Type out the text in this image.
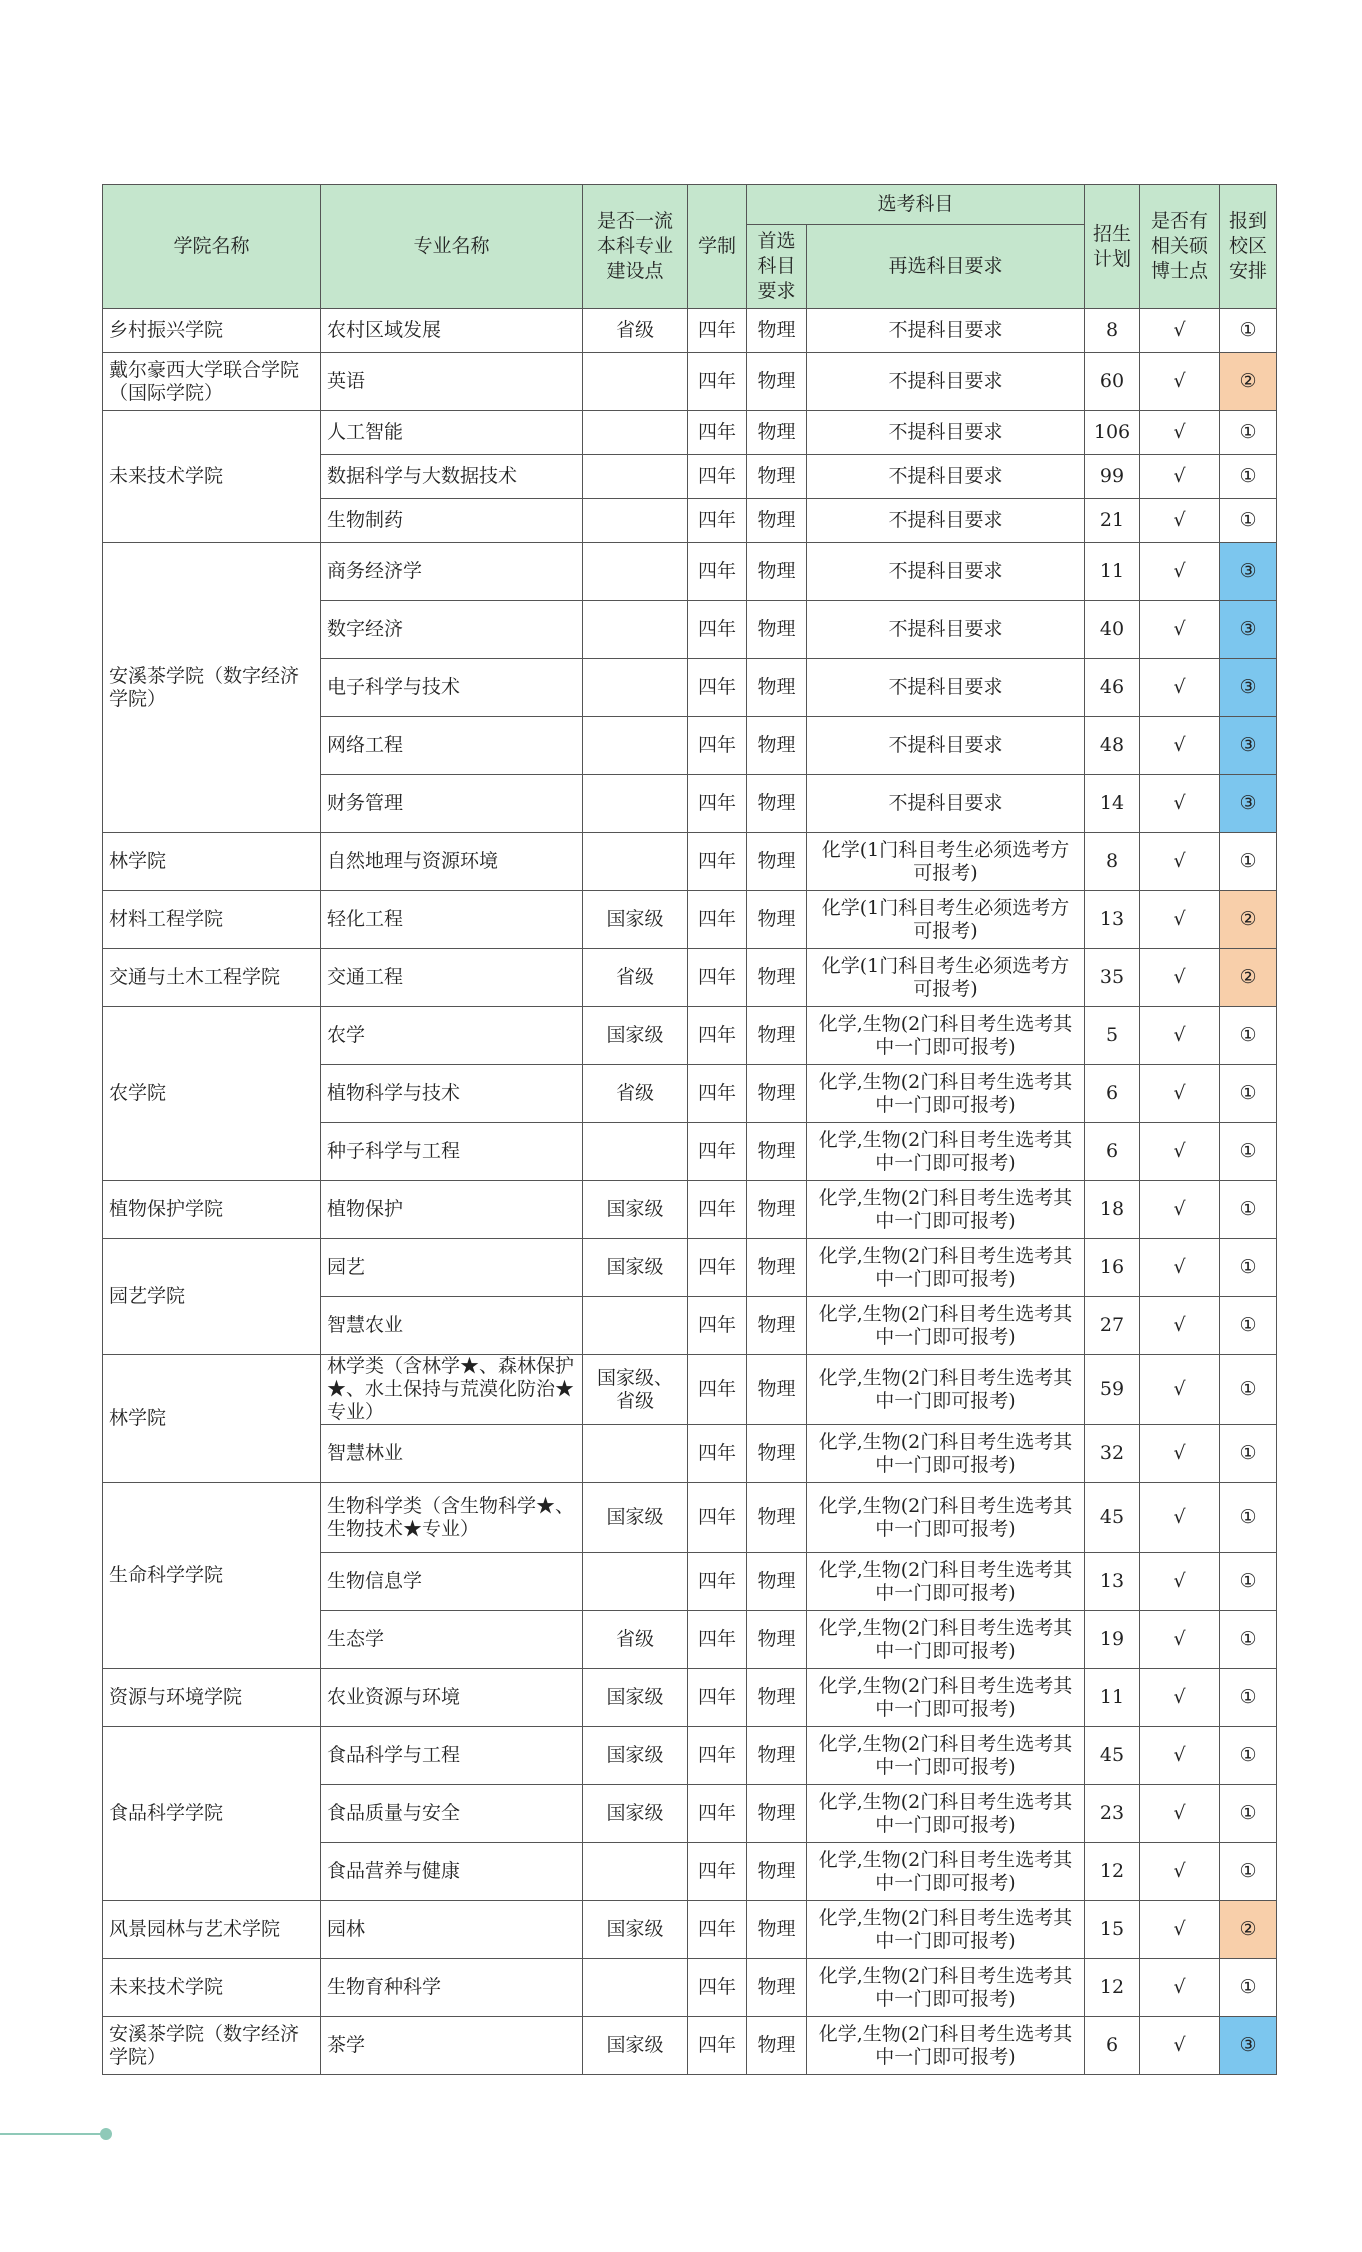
学院名称	专业名称	是否一流本科专业建设点	学制	选考科目		招生计划	是否有相关硕博士点	报到校区安排
				首选科目要求	再选科目要求			
乡村振兴学院	农村区域发展	省级	四年	物理	不提科目要求	8	√	①
戴尔豪西大学联合学院（国际学院）	英语		四年	物理	不提科目要求	60	√	②
未来技术学院	人工智能		四年	物理	不提科目要求	106	√	①
	数据科学与大数据技术		四年	物理	不提科目要求	99	√	①
	生物制药		四年	物理	不提科目要求	21	√	①
安溪茶学院（数字经济学院）	商务经济学		四年	物理	不提科目要求	11	√	③
	数字经济		四年	物理	不提科目要求	40	√	③
	电子科学与技术		四年	物理	不提科目要求	46	√	③
	网络工程		四年	物理	不提科目要求	48	√	③
	财务管理		四年	物理	不提科目要求	14	√	③
林学院	自然地理与资源环境		四年	物理	化学(1门科目考生必须选考方可报考)	8	√	①
材料工程学院	轻化工程	国家级	四年	物理	化学(1门科目考生必须选考方可报考)	13	√	②
交通与土木工程学院	交通工程	省级	四年	物理	化学(1门科目考生必须选考方可报考)	35	√	②
农学院	农学	国家级	四年	物理	化学,生物(2门科目考生选考其中一门即可报考)	5	√	①
	植物科学与技术	省级	四年	物理	化学,生物(2门科目考生选考其中一门即可报考)	6	√	①
	种子科学与工程		四年	物理	化学,生物(2门科目考生选考其中一门即可报考)	6	√	①
植物保护学院	植物保护	国家级	四年	物理	化学,生物(2门科目考生选考其中一门即可报考)	18	√	①
园艺学院	园艺	国家级	四年	物理	化学,生物(2门科目考生选考其中一门即可报考)	16	√	①
	智慧农业		四年	物理	化学,生物(2门科目考生选考其中一门即可报考)	27	√	①
林学院	林学类（含林学★、森林保护★、水土保持与荒漠化防治★专业）	国家级、省级	四年	物理	化学,生物(2门科目考生选考其中一门即可报考)	59	√	①
	智慧林业		四年	物理	化学,生物(2门科目考生选考其中一门即可报考)	32	√	①
生命科学学院	生物科学类（含生物科学★、生物技术★专业）	国家级	四年	物理	化学,生物(2门科目考生选考其中一门即可报考)	45	√	①
	生物信息学		四年	物理	化学,生物(2门科目考生选考其中一门即可报考)	13	√	①
	生态学	省级	四年	物理	化学,生物(2门科目考生选考其中一门即可报考)	19	√	①
资源与环境学院	农业资源与环境	国家级	四年	物理	化学,生物(2门科目考生选考其中一门即可报考)	11	√	①
食品科学学院	食品科学与工程	国家级	四年	物理	化学,生物(2门科目考生选考其中一门即可报考)	45	√	①
	食品质量与安全	国家级	四年	物理	化学,生物(2门科目考生选考其中一门即可报考)	23	√	①
	食品营养与健康		四年	物理	化学,生物(2门科目考生选考其中一门即可报考)	12	√	①
风景园林与艺术学院	园林	国家级	四年	物理	化学,生物(2门科目考生选考其中一门即可报考)	15	√	②
未来技术学院	生物育种科学		四年	物理	化学,生物(2门科目考生选考其中一门即可报考)	12	√	①
安溪茶学院（数字经济学院）	茶学	国家级	四年	物理	化学,生物(2门科目考生选考其中一门即可报考)	6	√	③
